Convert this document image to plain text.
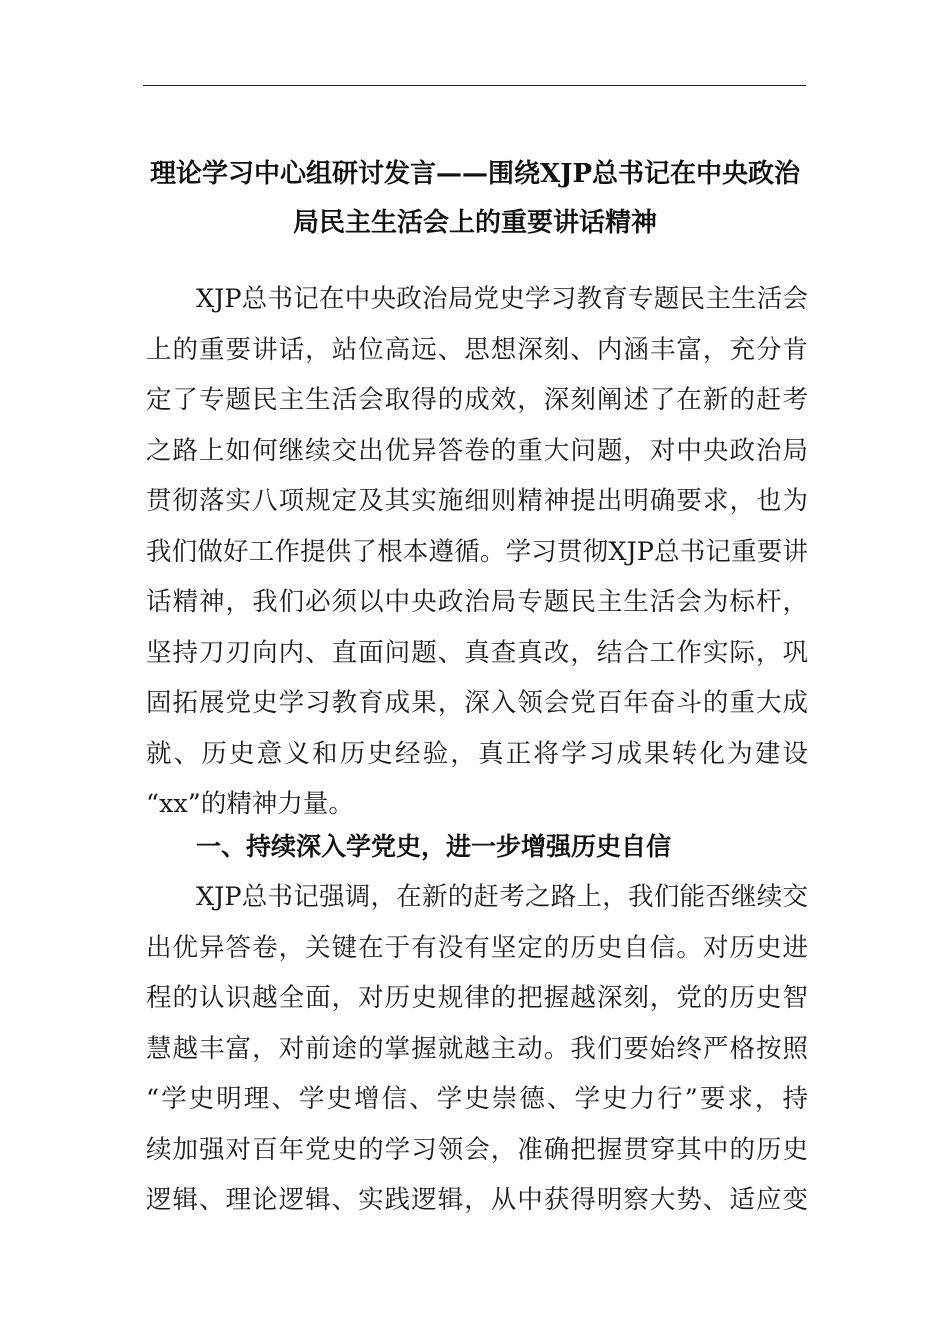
理论学习中心组研讨发言——围绕XJP总书记在中央政治
局民主生活会上的重要讲话精神
XJP总书记在中央政治局党史学习教育专题民主生活会
上的重要讲话，站位高远、思想深刻、内涵丰富，充分肯
定了专题民主生活会取得的成效，深刻阐述了在新的赶考
之路上如何继续交出优异答卷的重大问题，对中央政治局
贯彻落实八项规定及其实施细则精神提出明确要求，也为
我们做好工作提供了根本遵循。学习贯彻XJP总书记重要讲
话精神，我们必须以中央政治局专题民主生活会为标杆，
坚持刀刃向内、直面问题、真查真改，结合工作实际，巩
固拓展党史学习教育成果，深入领会党百年奋斗的重大成
就、历史意义和历史经验，真正将学习成果转化为建设
“xx”的精神力量。
一、持续深入学党史，进一步增强历史自信
XJP总书记强调，在新的赶考之路上，我们能否继续交
出优异答卷，关键在于有没有坚定的历史自信。对历史进
程的认识越全面，对历史规律的把握越深刻，党的历史智
慧越丰富，对前途的掌握就越主动。我们要始终严格按照
“学史明理、学史增信、学史崇德、学史力行”要求，持
续加强对百年党史的学习领会，准确把握贯穿其中的历史
逻辑、理论逻辑、实践逻辑，从中获得明察大势、适应变
